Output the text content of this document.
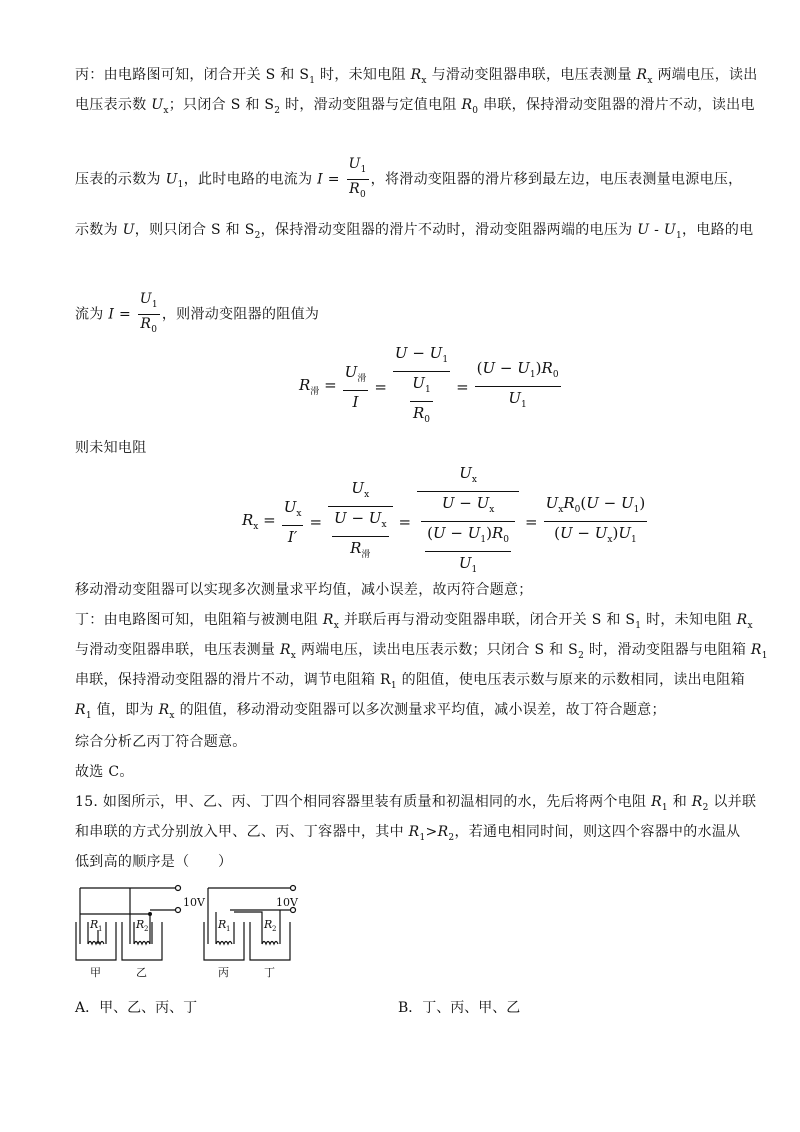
丙：由电路图可知，闭合开关 S 和 $S_1$ 时，未知电阻 $R_x$ 与滑动变阻器串联，电压表测量 $R_x$ 两端电压，读出
电压表示数 $U_x$；只闭合 S 和 $S_2$ 时，滑动变阻器与定值电阻 $R_0$ 串联，保持滑动变阻器的滑片不动，读出电
压表的示数为 $U_1$，此时电路的电流为 $I = \frac{U_1}{R_0}$ ，将滑动变阻器的滑片移到最左边，电压表测量电源电压，
示数为 U，则只闭合 S 和 $S_2$，保持滑动变阻器的滑片不动时，滑动变阻器两端的电压为 U - $U_1$，电路的电
流为 $I = \frac{U_1}{R_0}$ ，则滑动变阻器的阻值为
$R_滑 = \frac{U_滑}{I} = \frac{U - U_1}{\frac{U_1}{R_0}} = \frac{(U - U_1)R_0}{U_1}$
则未知电阻
$R_x = \frac{U_x}{I'} = \frac{U_x}{\frac{U - U_x}{R_滑}} = \frac{U_x}{\frac{U - U_x}{\frac{(U - U_1)R_0}{U_1}}} = \frac{U_xR_0(U - U_1)}{(U - U_x)U_1}$
移动滑动变阻器可以实现多次测量求平均值，减小误差，故丙符合题意；
丁：由电路图可知，电阻箱与被测电阻 $R_x$ 并联后再与滑动变阻器串联，闭合开关 S 和 $S_1$ 时，未知电阻 $R_x$
与滑动变阻器串联，电压表测量 $R_x$ 两端电压，读出电压表示数；只闭合 S 和 $S_2$ 时，滑动变阻器与电阻箱 $R_1$
串联，保持滑动变阻器的滑片不动，调节电阻箱 $R_1$ 的阻值，使电压表示数与原来的示数相同，读出电阻箱
$R_1$ 值，即为 $R_x$ 的阻值，移动滑动变阻器可以多次测量求平均值，减小误差，故丁符合题意；
综合分析乙丙丁符合题意。
故选 C。
15. 如图所示，甲、乙、丙、丁四个相同容器里装有质量和初温相同的水，先后将两个电阻 $R_1$ 和 $R_2$ 以并联
和串联的方式分别放入甲、乙、丙、丁容器中，其中 $R_1>R_2$，若通电相同时间，则这四个容器中的水温从
低到高的顺序是（　　）
10V	10V
R 1	R 2	R 1	R 2
甲	乙	丙	丁
A．甲、乙、丙、丁	B．丁、丙、甲、乙
